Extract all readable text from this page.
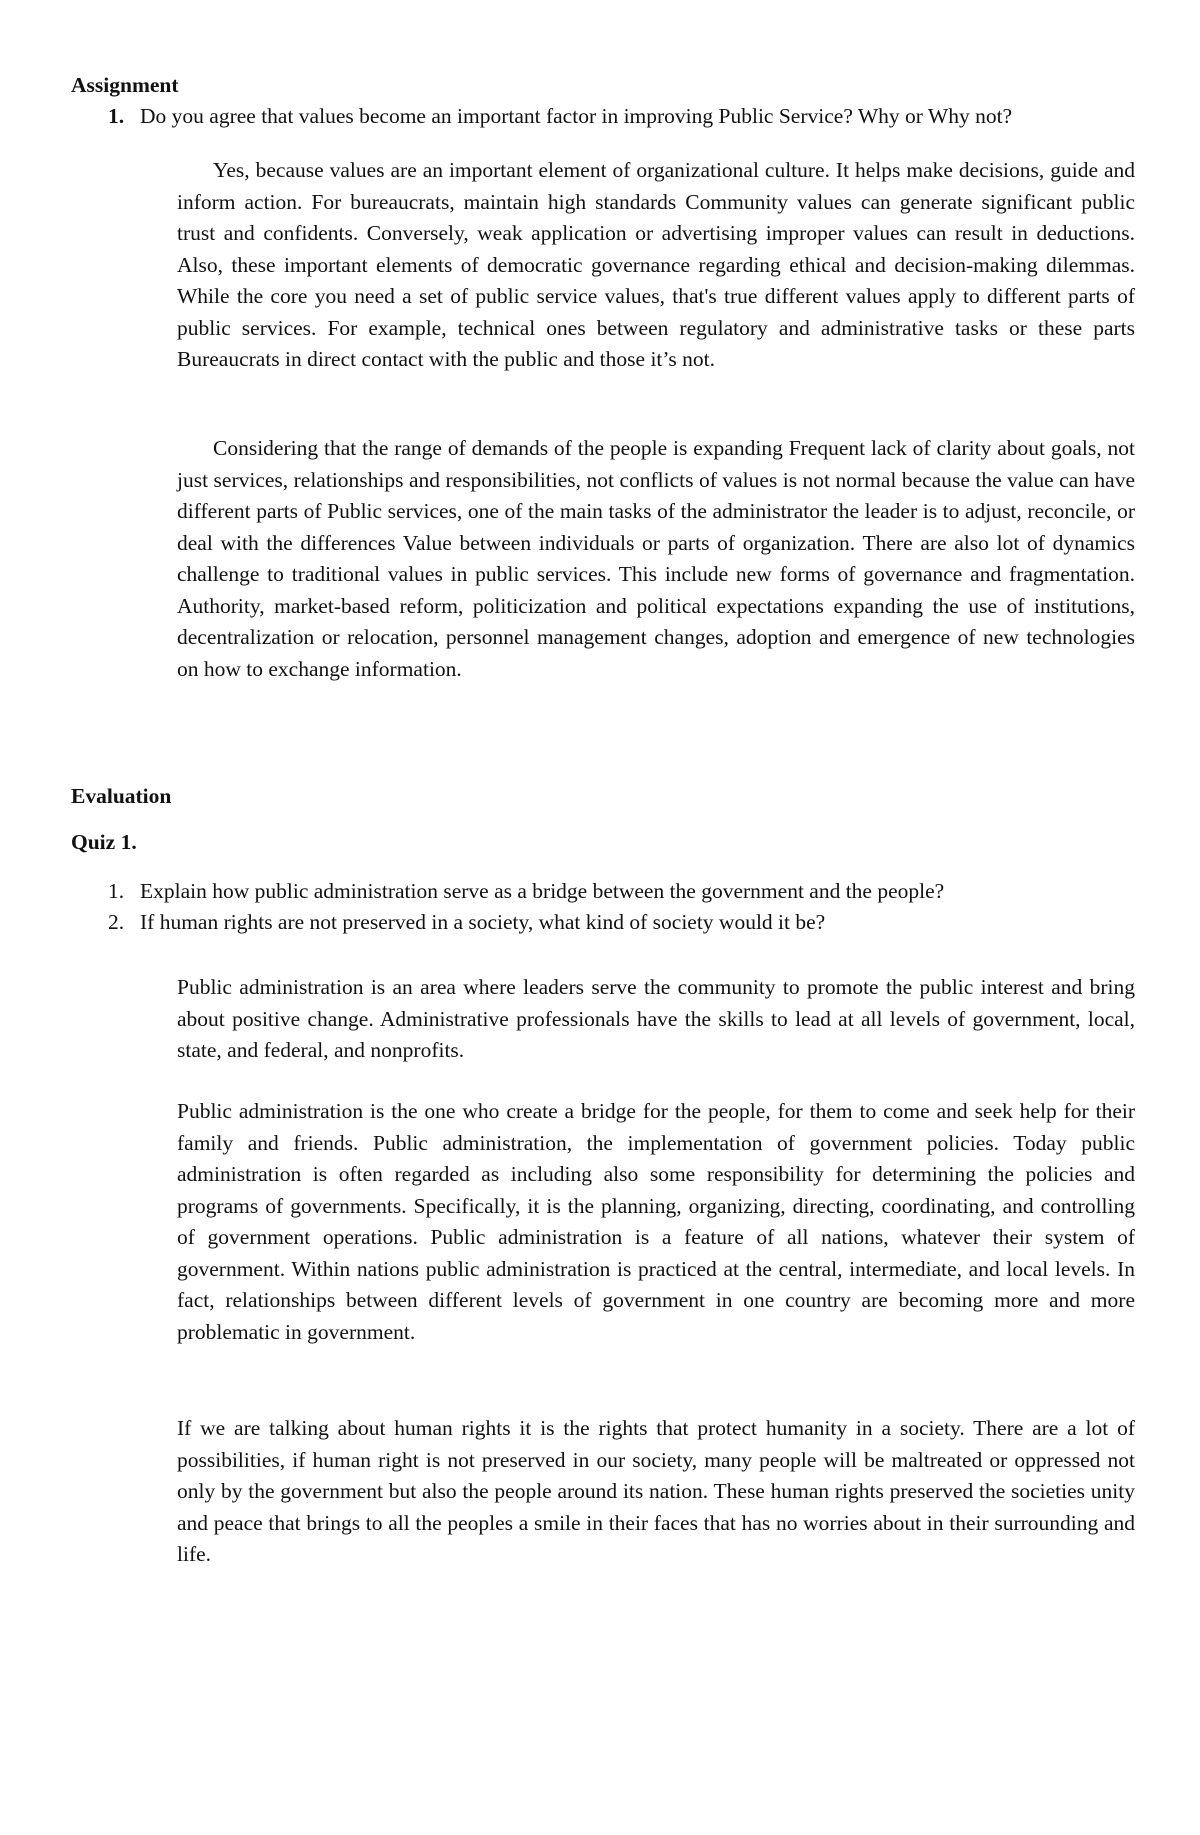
Assignment
1. Do you agree that values become an important factor in improving Public Service? Why or Why not?

Yes, because values are an important element of organizational culture. It helps make decisions, guide and inform action. For bureaucrats, maintain high standards Community values can generate significant public trust and confidents. Conversely, weak application or advertising improper values can result in deductions. Also, these important elements of democratic governance regarding ethical and decision-making dilemmas. While the core you need a set of public service values, that's true different values apply to different parts of public services. For example, technical ones between regulatory and administrative tasks or these parts Bureaucrats in direct contact with the public and those it’s not.

Considering that the range of demands of the people is expanding Frequent lack of clarity about goals, not just services, relationships and responsibilities, not conflicts of values is not normal because the value can have different parts of Public services, one of the main tasks of the administrator the leader is to adjust, reconcile, or deal with the differences Value between individuals or parts of organization. There are also lot of dynamics challenge to traditional values in public services. This include new forms of governance and fragmentation. Authority, market-based reform, politicization and political expectations expanding the use of institutions, decentralization or relocation, personnel management changes, adoption and emergence of new technologies on how to exchange information.

Evaluation
Quiz 1.
1. Explain how public administration serve as a bridge between the government and the people?
2. If human rights are not preserved in a society, what kind of society would it be?

Public administration is an area where leaders serve the community to promote the public interest and bring about positive change. Administrative professionals have the skills to lead at all levels of government, local, state, and federal, and nonprofits.

Public administration is the one who create a bridge for the people, for them to come and seek help for their family and friends. Public administration, the implementation of government policies. Today public administration is often regarded as including also some responsibility for determining the policies and programs of governments. Specifically, it is the planning, organizing, directing, coordinating, and controlling of government operations. Public administration is a feature of all nations, whatever their system of government. Within nations public administration is practiced at the central, intermediate, and local levels. In fact, relationships between different levels of government in one country are becoming more and more problematic in government.

If we are talking about human rights it is the rights that protect humanity in a society. There are a lot of possibilities, if human right is not preserved in our society, many people will be maltreated or oppressed not only by the government but also the people around its nation. These human rights preserved the societies unity and peace that brings to all the peoples a smile in their faces that has no worries about in their surrounding and life.
